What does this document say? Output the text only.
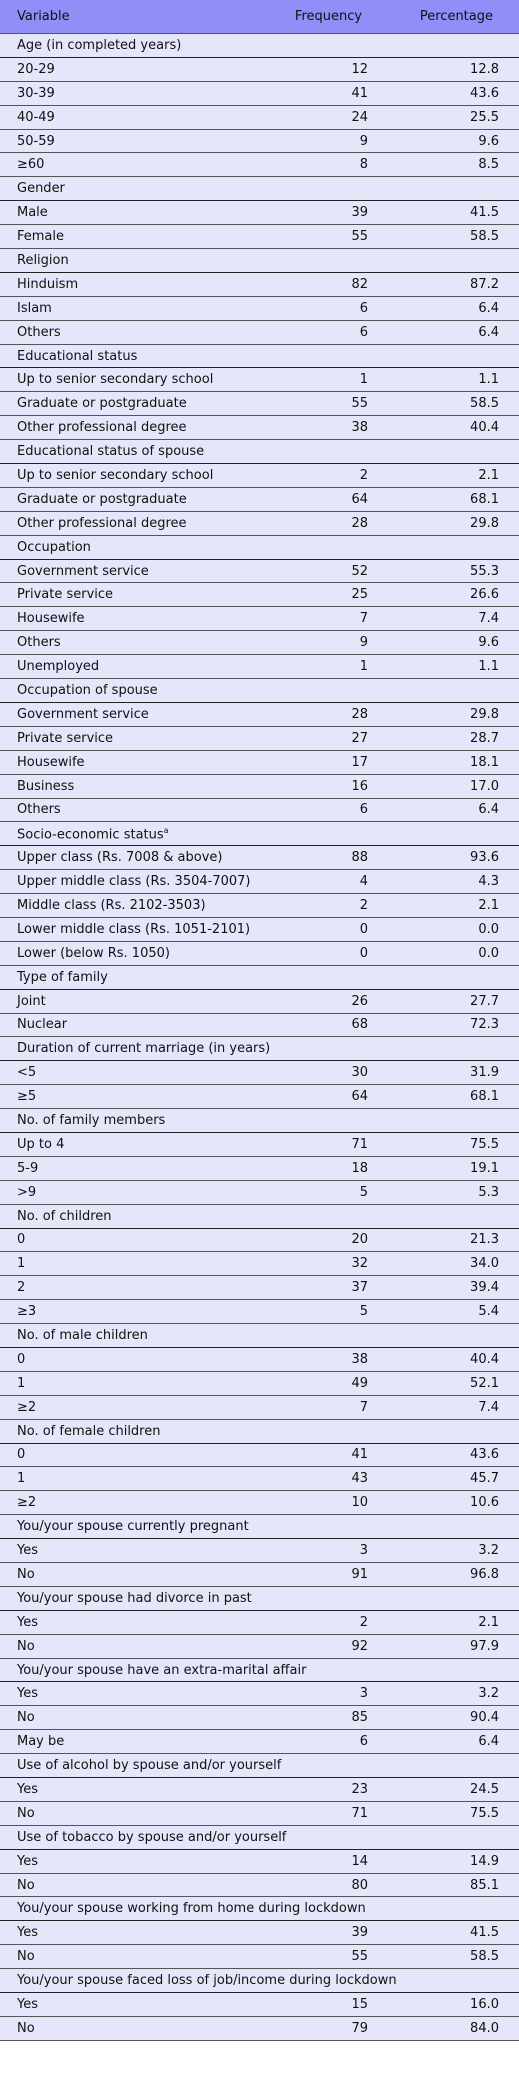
Variable	Frequency	Percentage
Age (in completed years)		
20-29	12	12.8
30-39	41	43.6
40-49	24	25.5
50-59	9	9.6
≥60	8	8.5
Gender		
Male	39	41.5
Female	55	58.5
Religion		
Hinduism	82	87.2
Islam	6	6.4
Others	6	6.4
Educational status		
Up to senior secondary school	1	1.1
Graduate or postgraduate	55	58.5
Other professional degree	38	40.4
Educational status of spouse		
Up to senior secondary school	2	2.1
Graduate or postgraduate	64	68.1
Other professional degree	28	29.8
Occupation		
Government service	52	55.3
Private service	25	26.6
Housewife	7	7.4
Others	9	9.6
Unemployed	1	1.1
Occupation of spouse		
Government service	28	29.8
Private service	27	28.7
Housewife	17	18.1
Business	16	17.0
Others	6	6.4
Socio-economic status$^a$
Upper class (Rs. 7008 & above)	88	93.6
Upper middle class (Rs. 3504-7007)	4	4.3
Middle class (Rs. 2102-3503)	2	2.1
Lower middle class (Rs. 1051-2101)	0	0.0
Lower (below Rs. 1050)	0	0.0
Type of family		
Joint	26	27.7
Nuclear	68	72.3
Duration of current marriage (in years)		
<5	30	31.9
≥5	64	68.1
No. of family members		
Up to 4	71	75.5
5-9	18	19.1
>9	5	5.3
No. of children		
0	20	21.3
1	32	34.0
2	37	39.4
≥3	5	5.4
No. of male children		
0	38	40.4
1	49	52.1
≥2	7	7.4
No. of female children		
0	41	43.6
1	43	45.7
≥2	10	10.6
You/your spouse currently pregnant		
Yes	3	3.2
No	91	96.8
You/your spouse had divorce in past		
Yes	2	2.1
No	92	97.9
You/your spouse have an extra-marital affair		
Yes	3	3.2
No	85	90.4
May be	6	6.4
Use of alcohol by spouse and/or yourself		
Yes	23	24.5
No	71	75.5
Use of tobacco by spouse and/or yourself		
Yes	14	14.9
No	80	85.1
You/your spouse working from home during lockdown		
Yes	39	41.5
No	55	58.5
You/your spouse faced loss of job/income during lockdown		
Yes	15	16.0
No	79	84.0
